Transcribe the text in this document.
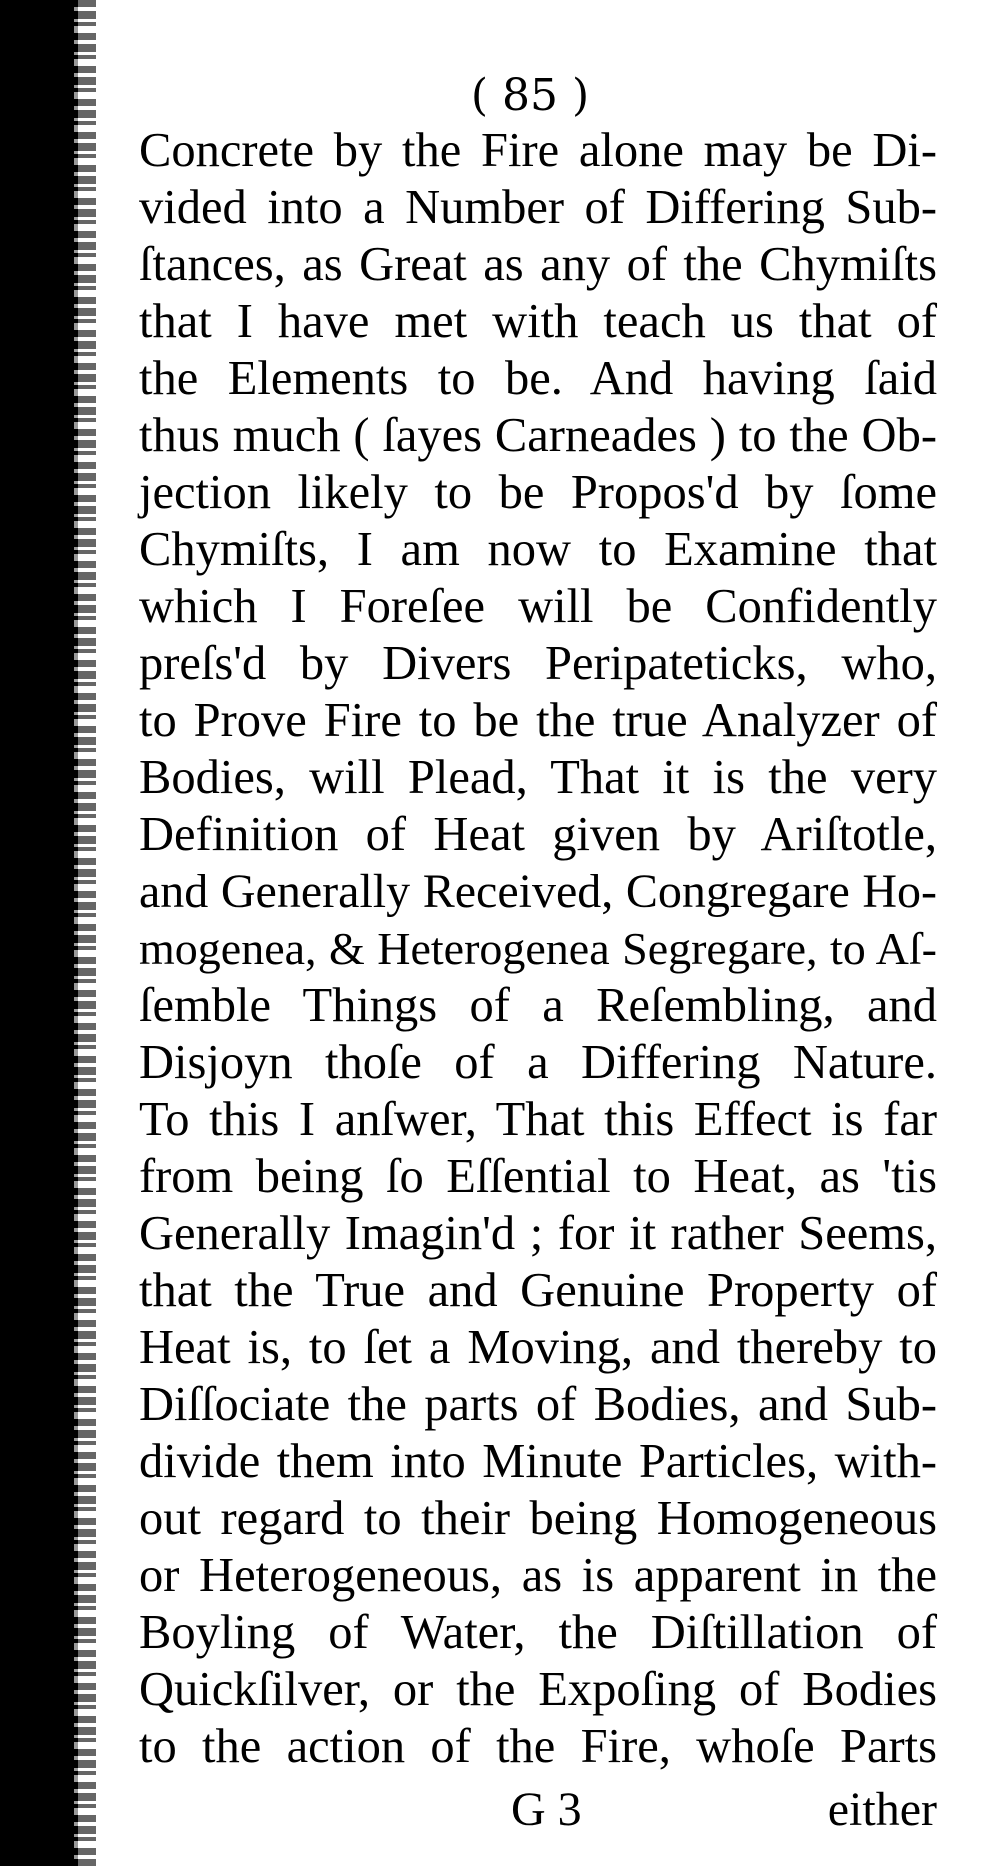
( 85 )
Concrete by the Fire alone may be Di-
vided into a Number of Differing Sub-
ſtances, as Great as any of the Chymiſts
that I have met with teach us that of
the Elements to be. And having ſaid
thus much ( ſayes Carneades ) to the Ob-
jection likely to be Propos'd by ſome
Chymiſts, I am now to Examine that
which I Foreſee will be Confidently
preſs'd by Divers Peripateticks, who,
to Prove Fire to be the true Analyzer of
Bodies, will Plead, That it is the very
Definition of Heat given by Ariſtotle,
and Generally Received, Congregare Ho-
mogenea, & Heterogenea Segregare, to Aſ-
ſemble Things of a Reſembling, and
Disjoyn thoſe of a Differing Nature.
To this I anſwer, That this Effect is far
from being ſo Eſſential to Heat, as 'tis
Generally Imagin'd ; for it rather Seems,
that the True and Genuine Property of
Heat is, to ſet a Moving, and thereby to
Diſſociate the parts of Bodies, and Sub-
divide them into Minute Particles, with-
out regard to their being Homogeneous
or Heterogeneous, as is apparent in the
Boyling of Water, the Diſtillation of
Quickſilver, or the Expoſing of Bodies
to the action of the Fire, whoſe Parts
G 3	either
